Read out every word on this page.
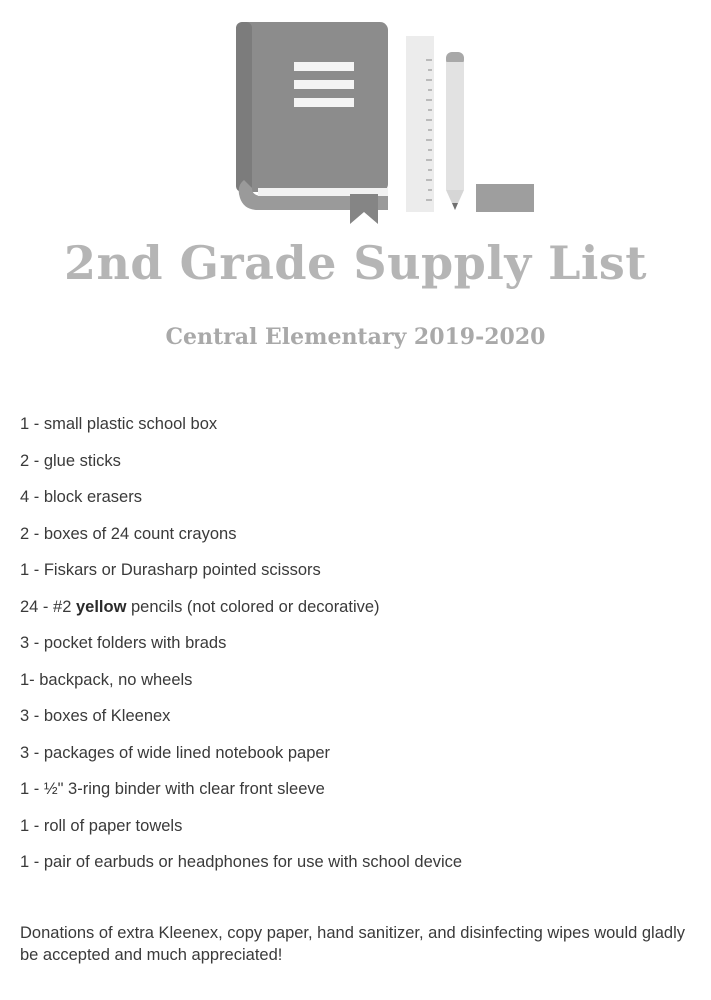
2nd Grade Supply List
Central Elementary 2019-2020
1 - small plastic school box
2 - glue sticks
4 - block erasers
2 - boxes of 24 count crayons
1 - Fiskars or Durasharp pointed scissors
24 - #2 yellow pencils (not colored or decorative)
3 - pocket folders with brads
1- backpack, no wheels
3 - boxes of Kleenex
3 - packages of wide lined notebook paper
1 - ½" 3-ring binder with clear front sleeve
1 - roll of paper towels
1 - pair of earbuds or headphones for use with school device

Donations of extra Kleenex, copy paper, hand sanitizer, and disinfecting wipes would gladly be accepted and much appreciated!
